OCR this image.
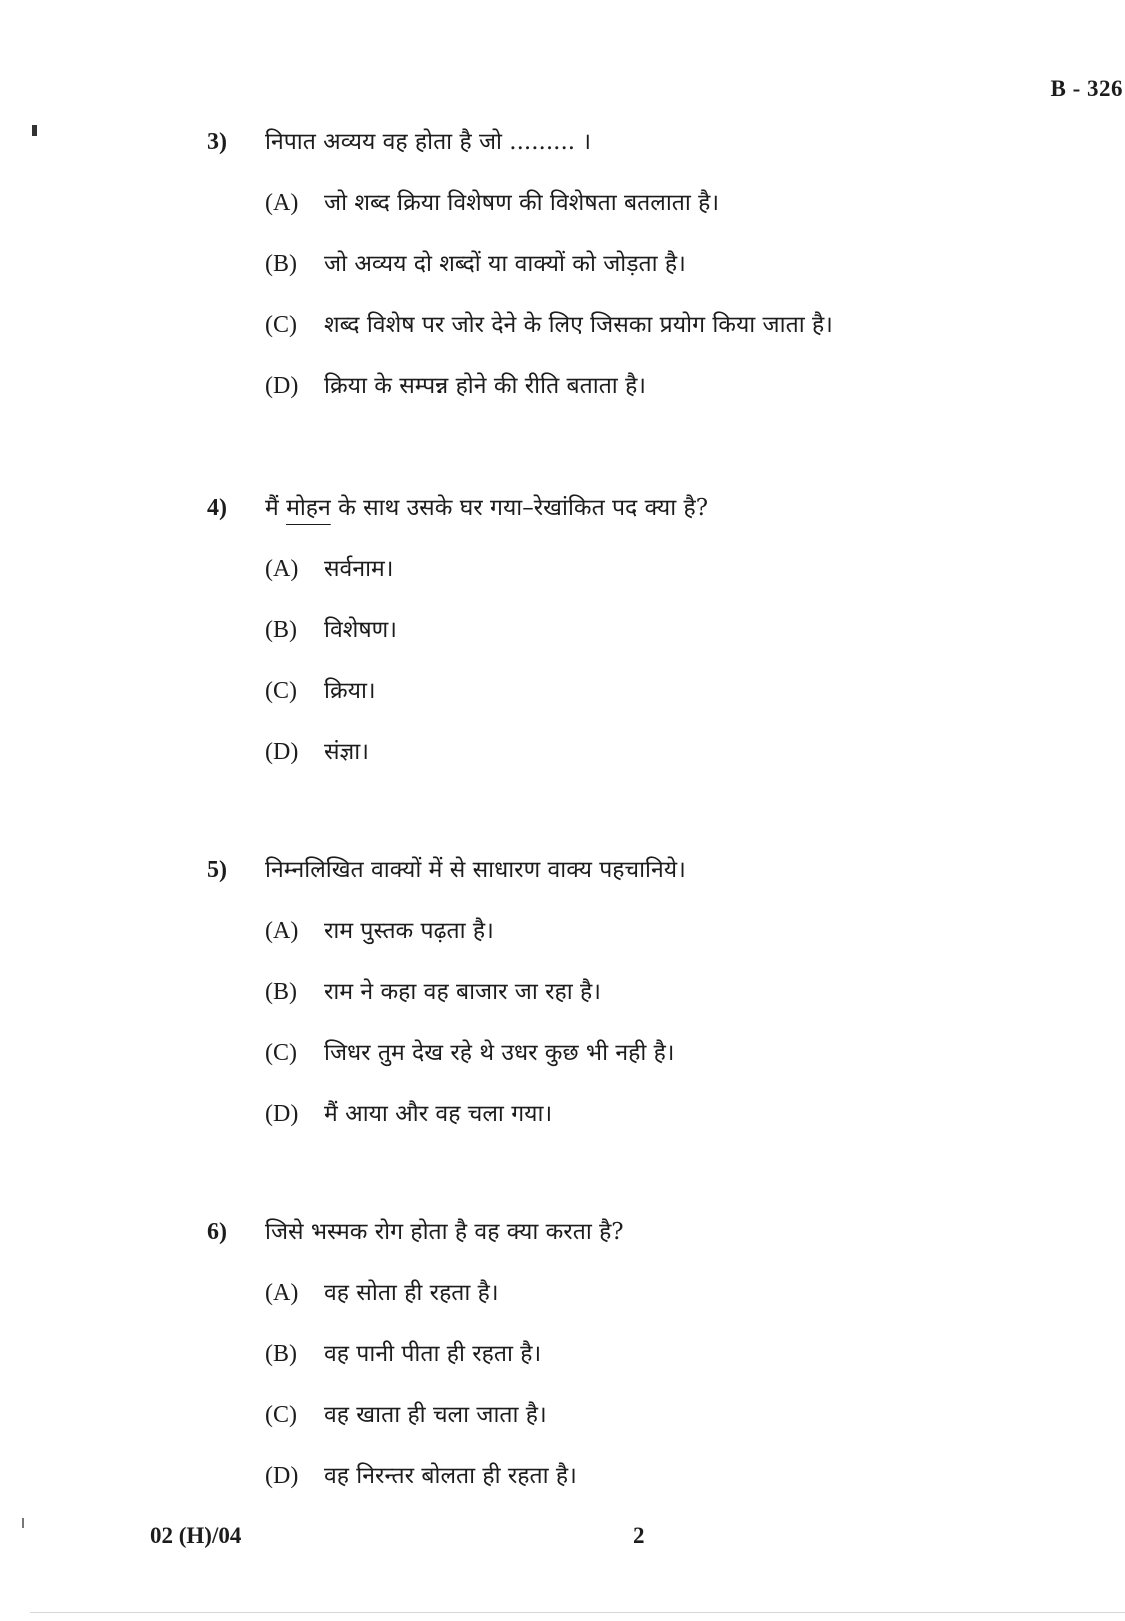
B - 326
3)	निपात अव्यय वह होता है जो ......... ।
(A)	जो शब्द क्रिया विशेषण की विशेषता बतलाता है।
(B)	जो अव्यय दो शब्दों या वाक्यों को जोड़ता है।
(C)	शब्द विशेष पर जोर देने के लिए जिसका प्रयोग किया जाता है।
(D)	क्रिया के सम्पन्न होने की रीति बताता है।
4)	मैं मोहन के साथ उसके घर गया–रेखांकित पद क्या है?
(A)	सर्वनाम।
(B)	विशेषण।
(C)	क्रिया।
(D)	संज्ञा।
5)	निम्नलिखित वाक्यों में से साधारण वाक्य पहचानिये।
(A)	राम पुस्तक पढ़ता है।
(B)	राम ने कहा वह बाजार जा रहा है।
(C)	जिधर तुम देख रहे थे उधर कुछ भी नही है।
(D)	मैं आया और वह चला गया।
6)	जिसे भस्मक रोग होता है वह क्या करता है?
(A)	वह सोता ही रहता है।
(B)	वह पानी पीता ही रहता है।
(C)	वह खाता ही चला जाता है।
(D)	वह निरन्तर बोलता ही रहता है।
02 (H)/04	2
